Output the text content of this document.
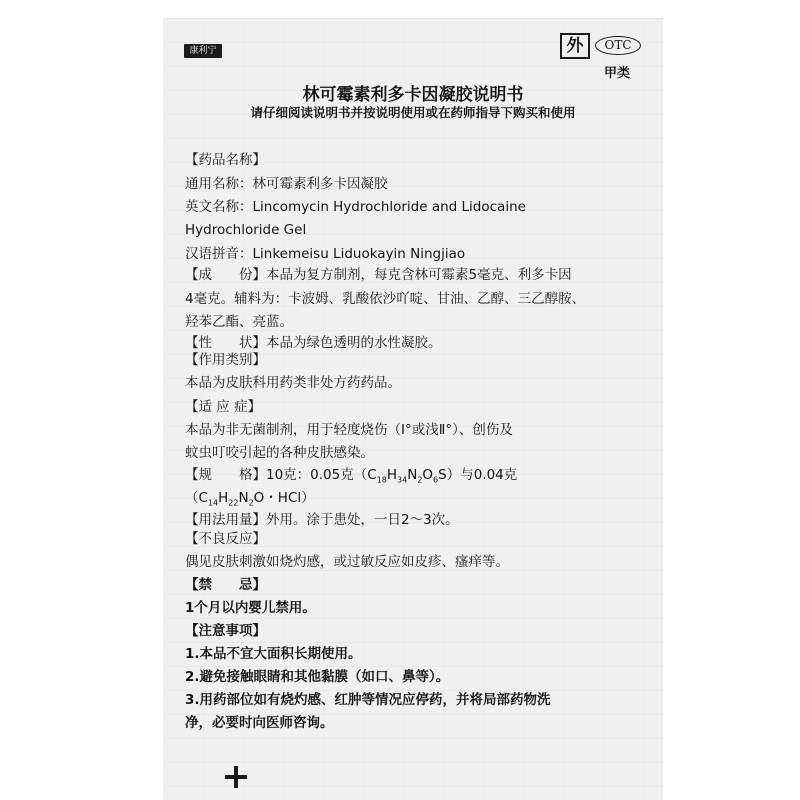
康利宁	外	OTC
甲类
林可霉素利多卡因凝胶说明书
请仔细阅读说明书并按说明使用或在药师指导下购买和使用
【药品名称】
通用名称：林可霉素利多卡因凝胶
英文名称：Lincomycin Hydrochloride and Lidocaine
Hydrochloride Gel
汉语拼音：Linkemeisu Liduokayin Ningjiao
【成　　份】本品为复方制剂，每克含林可霉素5毫克、利多卡因
4毫克。辅料为：卡波姆、乳酸依沙吖啶、甘油、乙醇、三乙醇胺、
羟苯乙酯、亮蓝。
【性　　状】本品为绿色透明的水性凝胶。
【作用类别】
本品为皮肤科用药类非处方药药品。
【适 应 症】
本品为非无菌制剂，用于轻度烧伤（Ⅰ°或浅Ⅱ°）、创伤及
蚊虫叮咬引起的各种皮肤感染。
【规　　格】10克：0.05克$(C_{18}H_{34}N_2O_6S)$与0.04克
（$C_{14}H_{22}N_2O$・HCl）
【用法用量】外用。涂于患处，一日2～3次。
【不良反应】
偶见皮肤刺激如烧灼感，或过敏反应如皮疹、瘙痒等。
【禁　　忌】
1个月以内婴儿禁用。
【注意事项】
1.本品不宜大面积长期使用。
2.避免接触眼睛和其他黏膜（如口、鼻等）。
3.用药部位如有烧灼感、红肿等情况应停药，并将局部药物洗
净，必要时向医师咨询。
